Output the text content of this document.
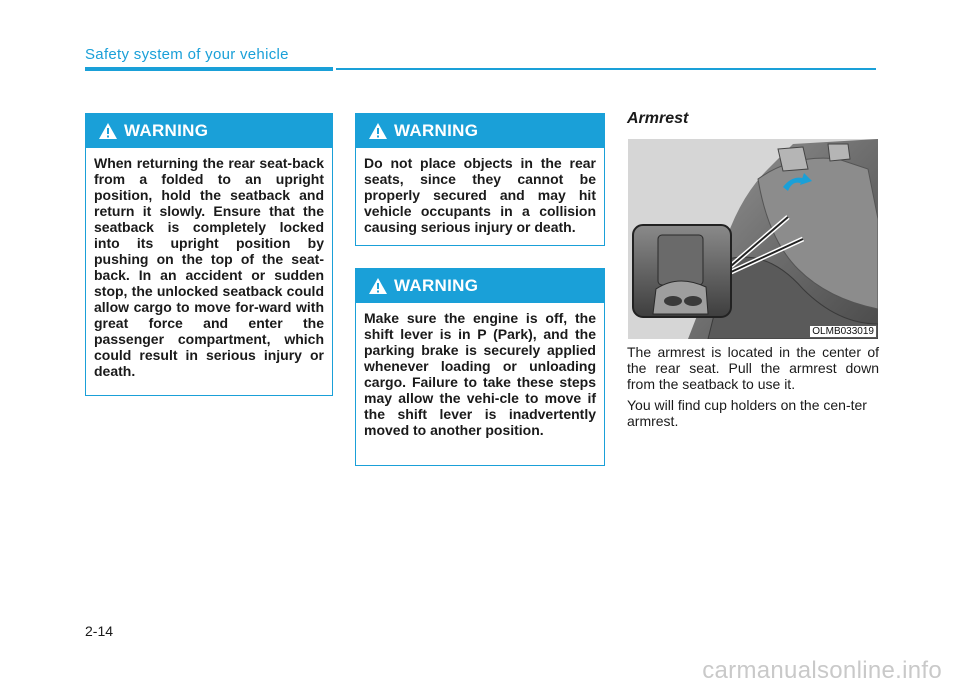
Safety system of your vehicle
WARNING
When returning the rear seat-back from a folded to an upright position, hold the seatback and return it slowly. Ensure that the seatback is completely locked into its upright position by pushing on the top of the seat-back. In an accident or sudden stop, the unlocked seatback could allow cargo to move for-ward with great force and enter the passenger compartment, which could result in serious injury or death.
WARNING
Do not place objects in the rear seats, since they cannot be properly secured and may hit vehicle occupants in a collision causing serious injury or death.
WARNING
Make sure the engine is off, the shift lever is in P (Park), and the parking brake is securely applied whenever loading or unloading cargo. Failure to take these steps may allow the vehi-cle to move if the shift lever is inadvertently moved to another position.
Armrest
OLMB033019
The armrest is located in the center of the rear seat. Pull the armrest down from the seatback to use it.
You will find cup holders on the cen-ter armrest.
2-14
carmanualsonline.info
